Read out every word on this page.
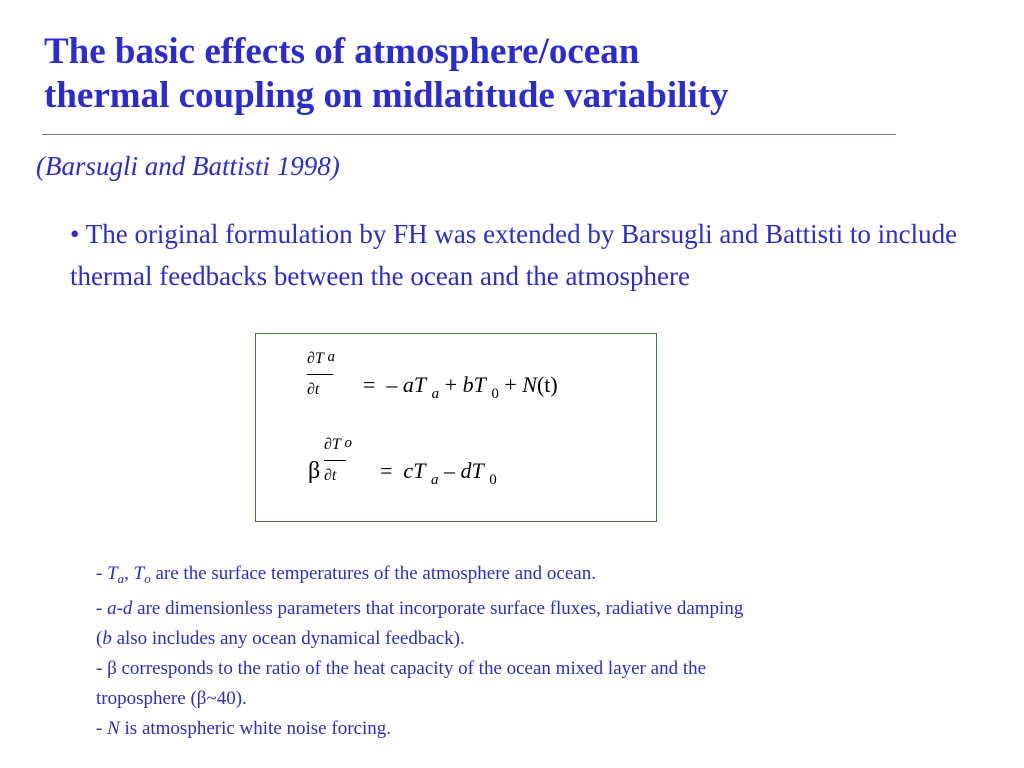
The basic effects of atmosphere/ocean
thermal coupling on midlatitude variability
(Barsugli and Battisti 1998)
• The original formulation by FH was extended by Barsugli and Battisti to include thermal feedbacks between the ocean and the atmosphere
∂T a
∂t = – aT $_a$ + bT $_0$ + N(t)
β
∂T o
∂t = cT $_a$ – dT $_0$

- $T_a$, $T_o$ are the surface temperatures of the atmosphere and ocean.

- a-d are dimensionless parameters that incorporate surface fluxes, radiative damping

(b also includes any ocean dynamical feedback).

- β corresponds to the ratio of the heat capacity of the ocean mixed layer and the

troposphere (β~40).

- N is atmospheric white noise forcing.
